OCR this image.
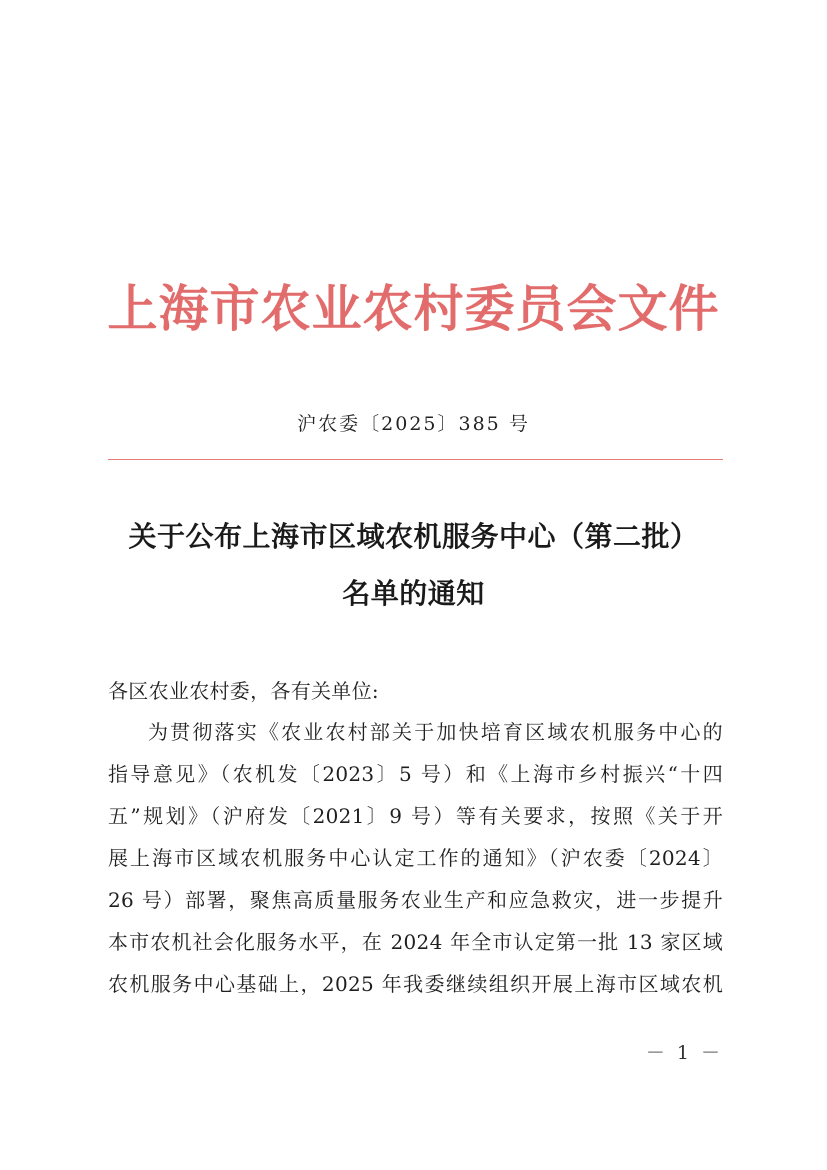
上海市农业农村委员会文件
沪农委〔2025〕385 号
关于公布上海市区域农机服务中心（第二批）
名单的通知
各区农业农村委，各有关单位:
为贯彻落实《农业农村部关于加快培育区域农机服务中心的
指导意见》（农机发〔2023〕5 号）和《上海市乡村振兴“十四
五”规划》（沪府发〔2021〕9 号）等有关要求，按照《关于开
展上海市区域农机服务中心认定工作的通知》（沪农委〔2024〕
26 号）部署，聚焦高质量服务农业生产和应急救灾，进一步提升
本市农机社会化服务水平，在 2024 年全市认定第一批 13 家区域
农机服务中心基础上，2025 年我委继续组织开展上海市区域农机
－ 1 －
